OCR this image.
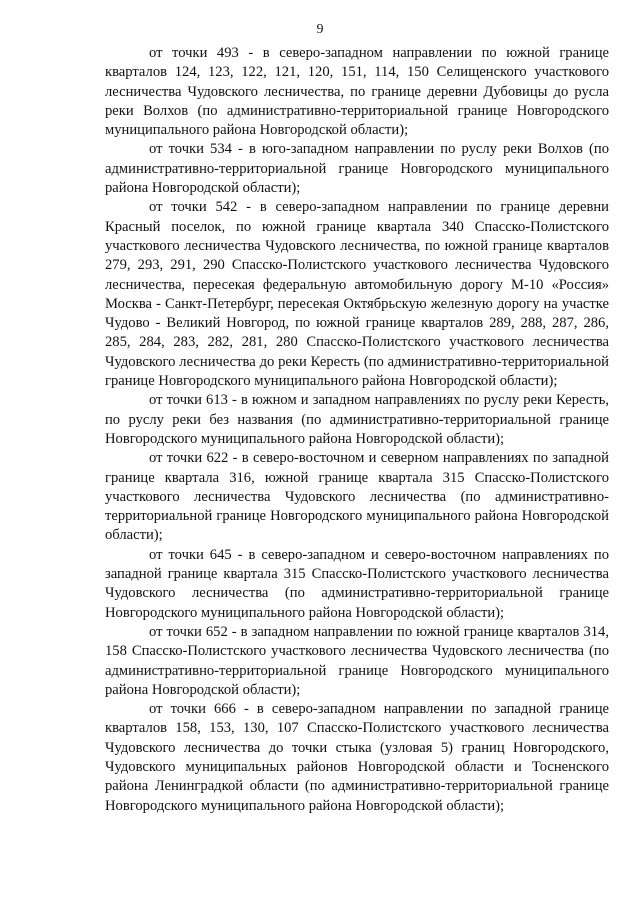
9

от точки 493 - в северо-западном направлении по южной границе кварталов 124, 123, 122, 121, 120, 151, 114, 150 Селищенского участкового лесничества Чудовского лесничества, по границе деревни Дубовицы до русла реки Волхов (по административно-территориальной границе Новгородского муниципального района Новгородской области);

от точки 534 - в юго-западном направлении по руслу реки Волхов (по административно-территориальной границе Новгородского муниципального района Новгородской области);

от точки 542 - в северо-западном направлении по границе деревни Красный поселок, по южной границе квартала 340 Спасско-Полистского участкового лесничества Чудовского лесничества, по южной границе кварталов 279, 293, 291, 290 Спасско-Полистского участкового лесничества Чудовского лесничества, пересекая федеральную автомобильную дорогу М-10 «Россия» Москва - Санкт-Петербург, пересекая Октябрьскую железную дорогу на участке Чудово - Великий Новгород, по южной границе кварталов 289, 288, 287, 286, 285, 284, 283, 282, 281, 280 Спасско-Полистского участкового лесничества Чудовского лесничества до реки Кересть (по административно-территориальной границе Новгородского муниципального района Новгородской области);

от точки 613 - в южном и западном направлениях по руслу реки Кересть, по руслу реки без названия (по административно-территориальной границе Новгородского муниципального района Новгородской области);

от точки 622 - в северо-восточном и северном направлениях по западной границе квартала 316, южной границе квартала 315 Спасско-Полистского участкового лесничества Чудовского лесничества (по административно-территориальной границе Новгородского муниципального района Новгородской области);

от точки 645 - в северо-западном и северо-восточном направлениях по западной границе квартала 315 Спасско-Полистского участкового лесничества Чудовского лесничества (по административно-территориальной границе Новгородского муниципального района Новгородской области);

от точки 652 - в западном направлении по южной границе кварталов 314, 158 Спасско-Полистского участкового лесничества Чудовского лесничества (по административно-территориальной границе Новгородского муниципального района Новгородской области);

от точки 666 - в северо-западном направлении по западной границе кварталов 158, 153, 130, 107 Спасско-Полистского участкового лесничества Чудовского лесничества до точки стыка (узловая 5) границ Новгородского, Чудовского муниципальных районов Новгородской области и Тосненского района Ленинградкой области (по административно-территориальной границе Новгородского муниципального района Новгородской области);
